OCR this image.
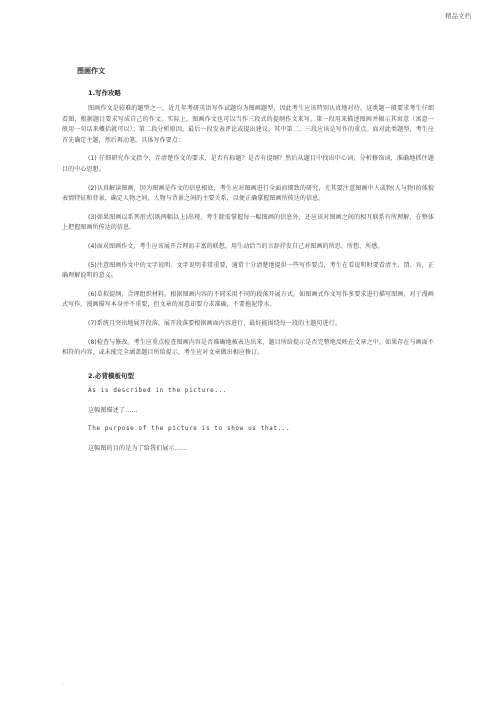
精品文档
图画作文
1.写作攻略

图画作文是较难的题型之一，近几年考研英语写作试题均为图画题型，因此考生应该特别认真地对待。这类题一般要求考生仔细看图，根据题目要求写成自己的作文。实际上，图画作文也可以当作三段式的提纲作文来写。第一段用来描述图画并揭示其寓意（寓意一般用一句话来概括就可以）；第二段分析原因，最后一段发表评论或提出建议，其中第二、三段应该是写作的重点。面对此类题型，考生应首先确定主题，然后再动笔。具体写作要点：

(1) 仔细研究作文指令，弄清楚作文的要求，是否有标题？是否有提纲？然后从题目中找出中心词，分析修饰词，准确地抓住题目的中心思想。

(2)认真解读图画，因为图画是作文的信息根底，考生应对图画进行全面而细致的研究，尤其要注意图画中人或物(人与物)的体貌表情特征和背景，确定人物之间，人物与背景之间的主要关系，以便正确掌握图画所传达的信息。

(3)如果图画以系列形式(既两幅以上)出现，考生除需掌握每一幅图画的信息外，还应该对图画之间的相互联系有所理解，在整体上把握图画所传达的信息。

(4)面对图画作文，考生应该展开合理而丰富的联想，用生动恰当的言辞抒发自己对图画的所思、所想、所感。

(5)注意图画作文中的文字说明。文字说明非常重要，通常十分清楚地提供一些写作要点，考生在看说明时要看清主、谓、宾，正确理解说明的意义。

(6)草拟提纲，合理组织材料。根据图画内容的不同采用不同的段落开展方式。如图画式作文写作多要求进行描写图画，对于漫画式写作，漫画描写本身并不重要，但文章的寓意却要力求准确，不要拖泥带水。

(7)系统且突出地展开段落。展开段落要根据画面内容进行，最好能围绕每一段的主题句进行。

(8)检查与修改。考生应重点检查图画内容是否准确地被表达出来，题目所给提示是否完整地反映在文章之中。如果存在与画面不相符的内容，或未能完全涵盖题目所给提示，考生应对文章做出相应修订。

2.必背模板句型
As is described in the picture...
这幅图描述了……
The purpose of the picture is to show us that...
这幅图的目的是为了给我们展示……
.
